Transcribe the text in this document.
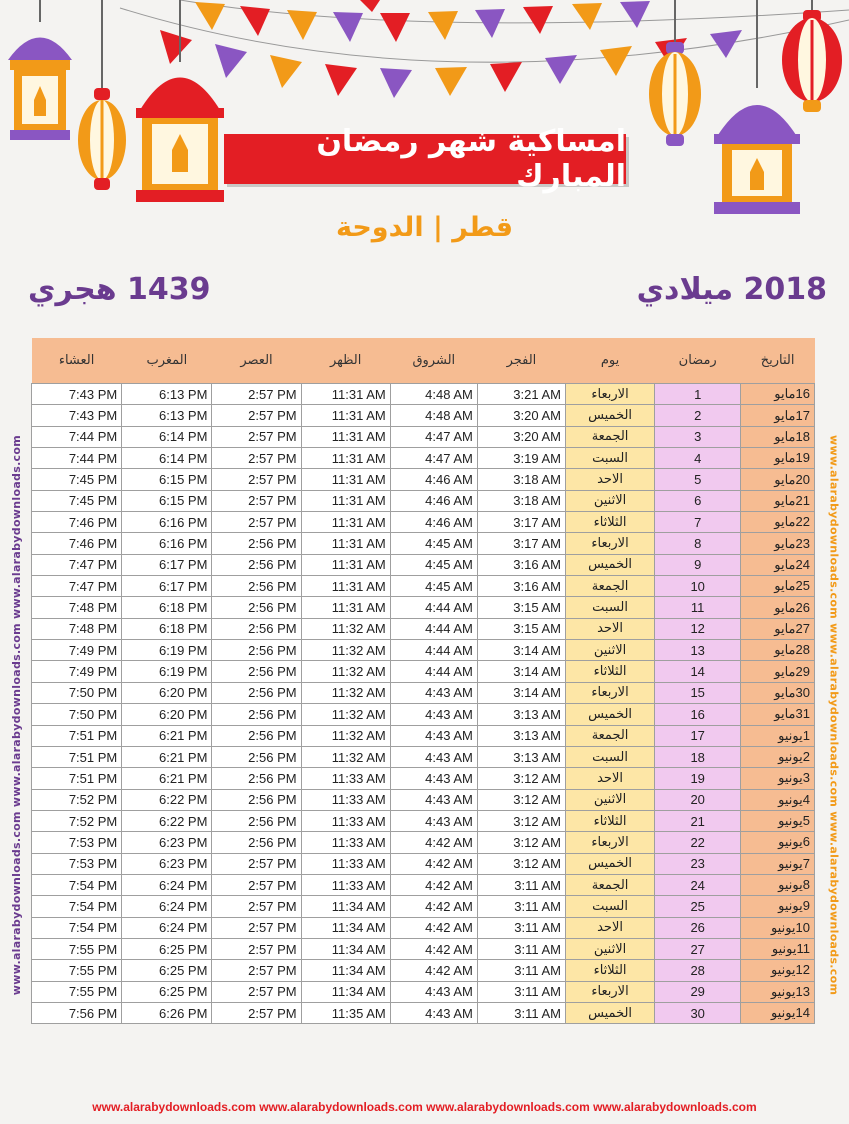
امساكية شهر رمضان المبارك
قطر | الدوحة
1439 هجري	2018 ميلادي
www.alarabydownloads.com www.alarabydownloads.com www.alarabydownloads.com	www.alarabydownloads.com www.alarabydownloads.com www.alarabydownloads.com
التاريخ	رمضان	يوم	الفجر	الشروق	الظهر	العصر	المغرب	العشاء
16مايو	1	الاربعاء	3:21 AM	4:48 AM	11:31 AM	2:57 PM	6:13 PM	7:43 PM
17مايو	2	الخميس	3:20 AM	4:48 AM	11:31 AM	2:57 PM	6:13 PM	7:43 PM
18مايو	3	الجمعة	3:20 AM	4:47 AM	11:31 AM	2:57 PM	6:14 PM	7:44 PM
19مايو	4	السبت	3:19 AM	4:47 AM	11:31 AM	2:57 PM	6:14 PM	7:44 PM
20مايو	5	الاحد	3:18 AM	4:46 AM	11:31 AM	2:57 PM	6:15 PM	7:45 PM
21مايو	6	الاثنين	3:18 AM	4:46 AM	11:31 AM	2:57 PM	6:15 PM	7:45 PM
22مايو	7	الثلاثاء	3:17 AM	4:46 AM	11:31 AM	2:57 PM	6:16 PM	7:46 PM
23مايو	8	الاربعاء	3:17 AM	4:45 AM	11:31 AM	2:56 PM	6:16 PM	7:46 PM
24مايو	9	الخميس	3:16 AM	4:45 AM	11:31 AM	2:56 PM	6:17 PM	7:47 PM
25مايو	10	الجمعة	3:16 AM	4:45 AM	11:31 AM	2:56 PM	6:17 PM	7:47 PM
26مايو	11	السبت	3:15 AM	4:44 AM	11:31 AM	2:56 PM	6:18 PM	7:48 PM
27مايو	12	الاحد	3:15 AM	4:44 AM	11:32 AM	2:56 PM	6:18 PM	7:48 PM
28مايو	13	الاثنين	3:14 AM	4:44 AM	11:32 AM	2:56 PM	6:19 PM	7:49 PM
29مايو	14	الثلاثاء	3:14 AM	4:44 AM	11:32 AM	2:56 PM	6:19 PM	7:49 PM
30مايو	15	الاربعاء	3:14 AM	4:43 AM	11:32 AM	2:56 PM	6:20 PM	7:50 PM
31مايو	16	الخميس	3:13 AM	4:43 AM	11:32 AM	2:56 PM	6:20 PM	7:50 PM
1يونيو	17	الجمعة	3:13 AM	4:43 AM	11:32 AM	2:56 PM	6:21 PM	7:51 PM
2يونيو	18	السبت	3:13 AM	4:43 AM	11:32 AM	2:56 PM	6:21 PM	7:51 PM
3يونيو	19	الاحد	3:12 AM	4:43 AM	11:33 AM	2:56 PM	6:21 PM	7:51 PM
4يونيو	20	الاثنين	3:12 AM	4:43 AM	11:33 AM	2:56 PM	6:22 PM	7:52 PM
5يونيو	21	الثلاثاء	3:12 AM	4:43 AM	11:33 AM	2:56 PM	6:22 PM	7:52 PM
6يونيو	22	الاربعاء	3:12 AM	4:42 AM	11:33 AM	2:56 PM	6:23 PM	7:53 PM
7يونيو	23	الخميس	3:12 AM	4:42 AM	11:33 AM	2:57 PM	6:23 PM	7:53 PM
8يونيو	24	الجمعة	3:11 AM	4:42 AM	11:33 AM	2:57 PM	6:24 PM	7:54 PM
9يونيو	25	السبت	3:11 AM	4:42 AM	11:34 AM	2:57 PM	6:24 PM	7:54 PM
10يونيو	26	الاحد	3:11 AM	4:42 AM	11:34 AM	2:57 PM	6:24 PM	7:54 PM
11يونيو	27	الاثنين	3:11 AM	4:42 AM	11:34 AM	2:57 PM	6:25 PM	7:55 PM
12يونيو	28	الثلاثاء	3:11 AM	4:42 AM	11:34 AM	2:57 PM	6:25 PM	7:55 PM
13يونيو	29	الاربعاء	3:11 AM	4:43 AM	11:34 AM	2:57 PM	6:25 PM	7:55 PM
14يونيو	30	الخميس	3:11 AM	4:43 AM	11:35 AM	2:57 PM	6:26 PM	7:56 PM
www.alarabydownloads.com www.alarabydownloads.com www.alarabydownloads.com www.alarabydownloads.com
